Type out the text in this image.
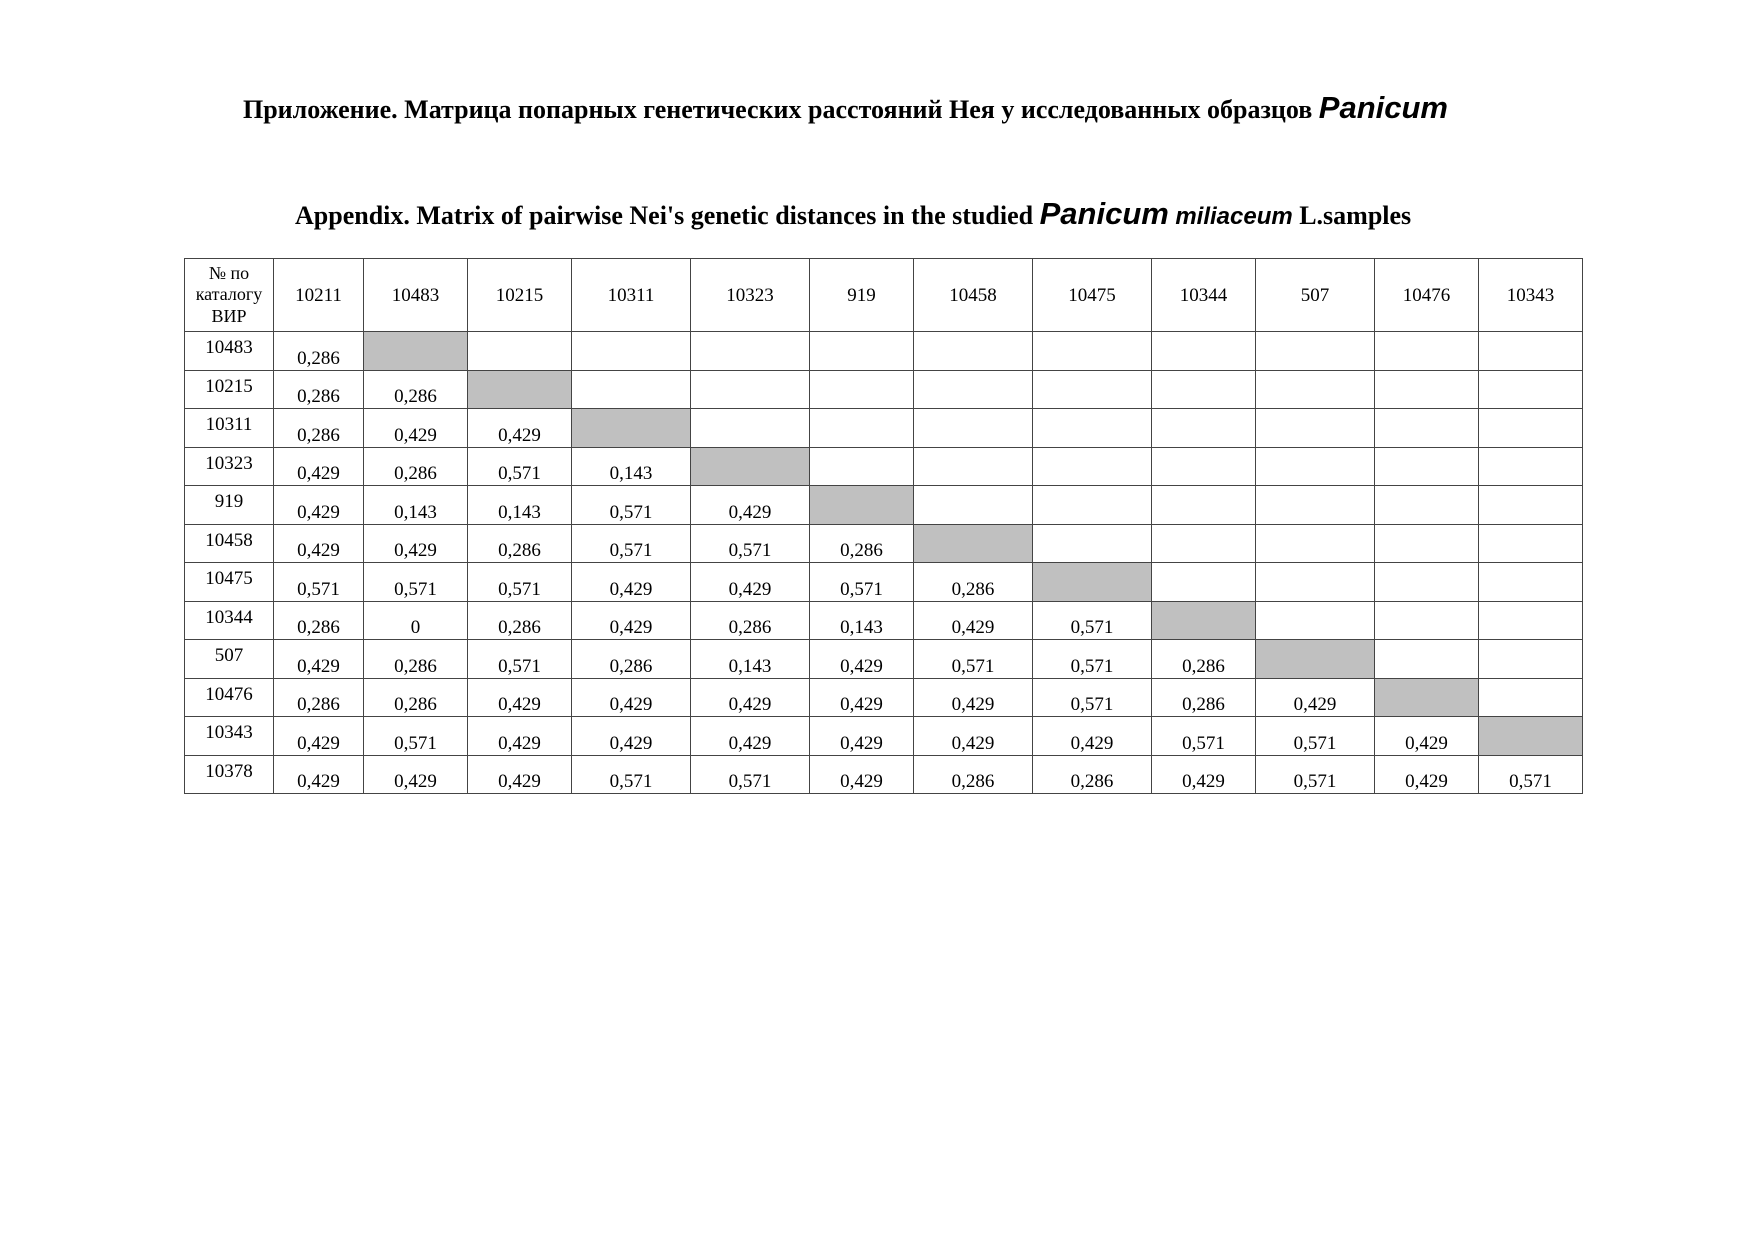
Приложение. Матрица попарных генетических расстояний Нея у исследованных образцов Panicum
Appendix. Matrix of pairwise Nei's genetic distances in the studied Panicum miliaceum L.samples
№ по
каталогу
ВИР	10211	10483	10215	10311	10323	919	10458	10475	10344	507	10476	10343
10483	0,286											
10215	0,286	0,286										
10311	0,286	0,429	0,429									
10323	0,429	0,286	0,571	0,143								
919	0,429	0,143	0,143	0,571	0,429							
10458	0,429	0,429	0,286	0,571	0,571	0,286						
10475	0,571	0,571	0,571	0,429	0,429	0,571	0,286					
10344	0,286	0	0,286	0,429	0,286	0,143	0,429	0,571				
507	0,429	0,286	0,571	0,286	0,143	0,429	0,571	0,571	0,286			
10476	0,286	0,286	0,429	0,429	0,429	0,429	0,429	0,571	0,286	0,429		
10343	0,429	0,571	0,429	0,429	0,429	0,429	0,429	0,429	0,571	0,571	0,429	
10378	0,429	0,429	0,429	0,571	0,571	0,429	0,286	0,286	0,429	0,571	0,429	0,571
